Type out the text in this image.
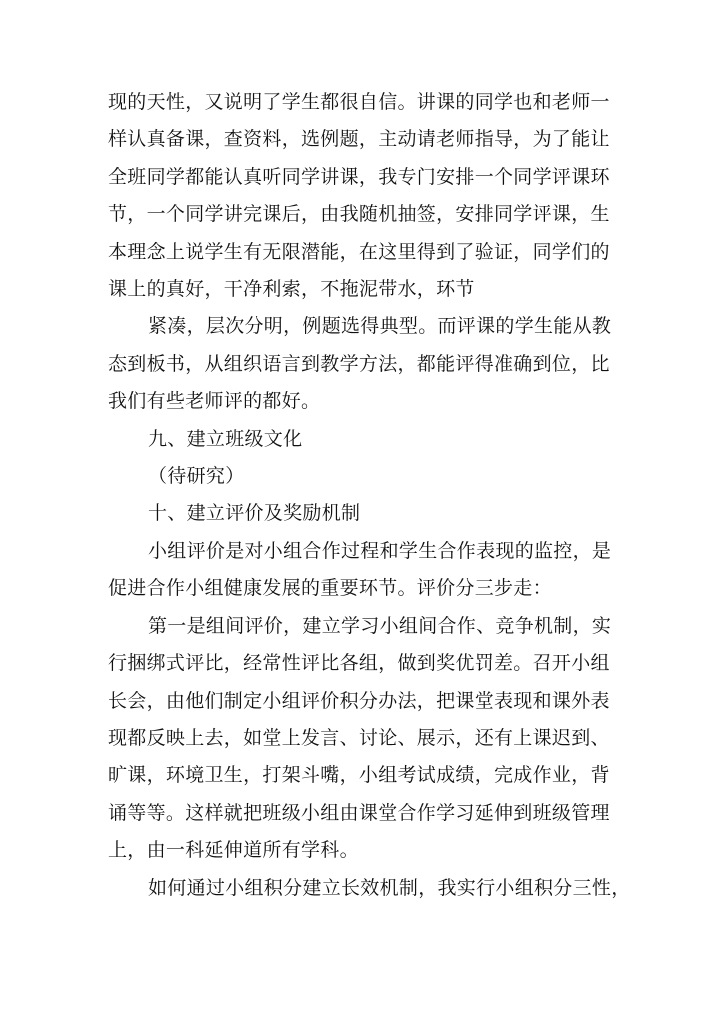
现的天性，又说明了学生都很自信。讲课的同学也和老师一
样认真备课，查资料，选例题，主动请老师指导，为了能让
全班同学都能认真听同学讲课，我专门安排一个同学评课环
节，一个同学讲完课后，由我随机抽签，安排同学评课，生
本理念上说学生有无限潜能，在这里得到了验证，同学们的
课上的真好，干净利索，不拖泥带水，环节
紧凑，层次分明，例题选得典型。而评课的学生能从教
态到板书，从组织语言到教学方法，都能评得准确到位，比
我们有些老师评的都好。
九、建立班级文化
（待研究）
十、建立评价及奖励机制
小组评价是对小组合作过程和学生合作表现的监控，是
促进合作小组健康发展的重要环节。评价分三步走：
第一是组间评价，建立学习小组间合作、竞争机制，实
行捆绑式评比，经常性评比各组，做到奖优罚差。召开小组
长会，由他们制定小组评价积分办法，把课堂表现和课外表
现都反映上去，如堂上发言、讨论、展示，还有上课迟到、
旷课，环境卫生，打架斗嘴，小组考试成绩，完成作业，背
诵等等。这样就把班级小组由课堂合作学习延伸到班级管理
上，由一科延伸道所有学科。
如何通过小组积分建立长效机制，我实行小组积分三性，
